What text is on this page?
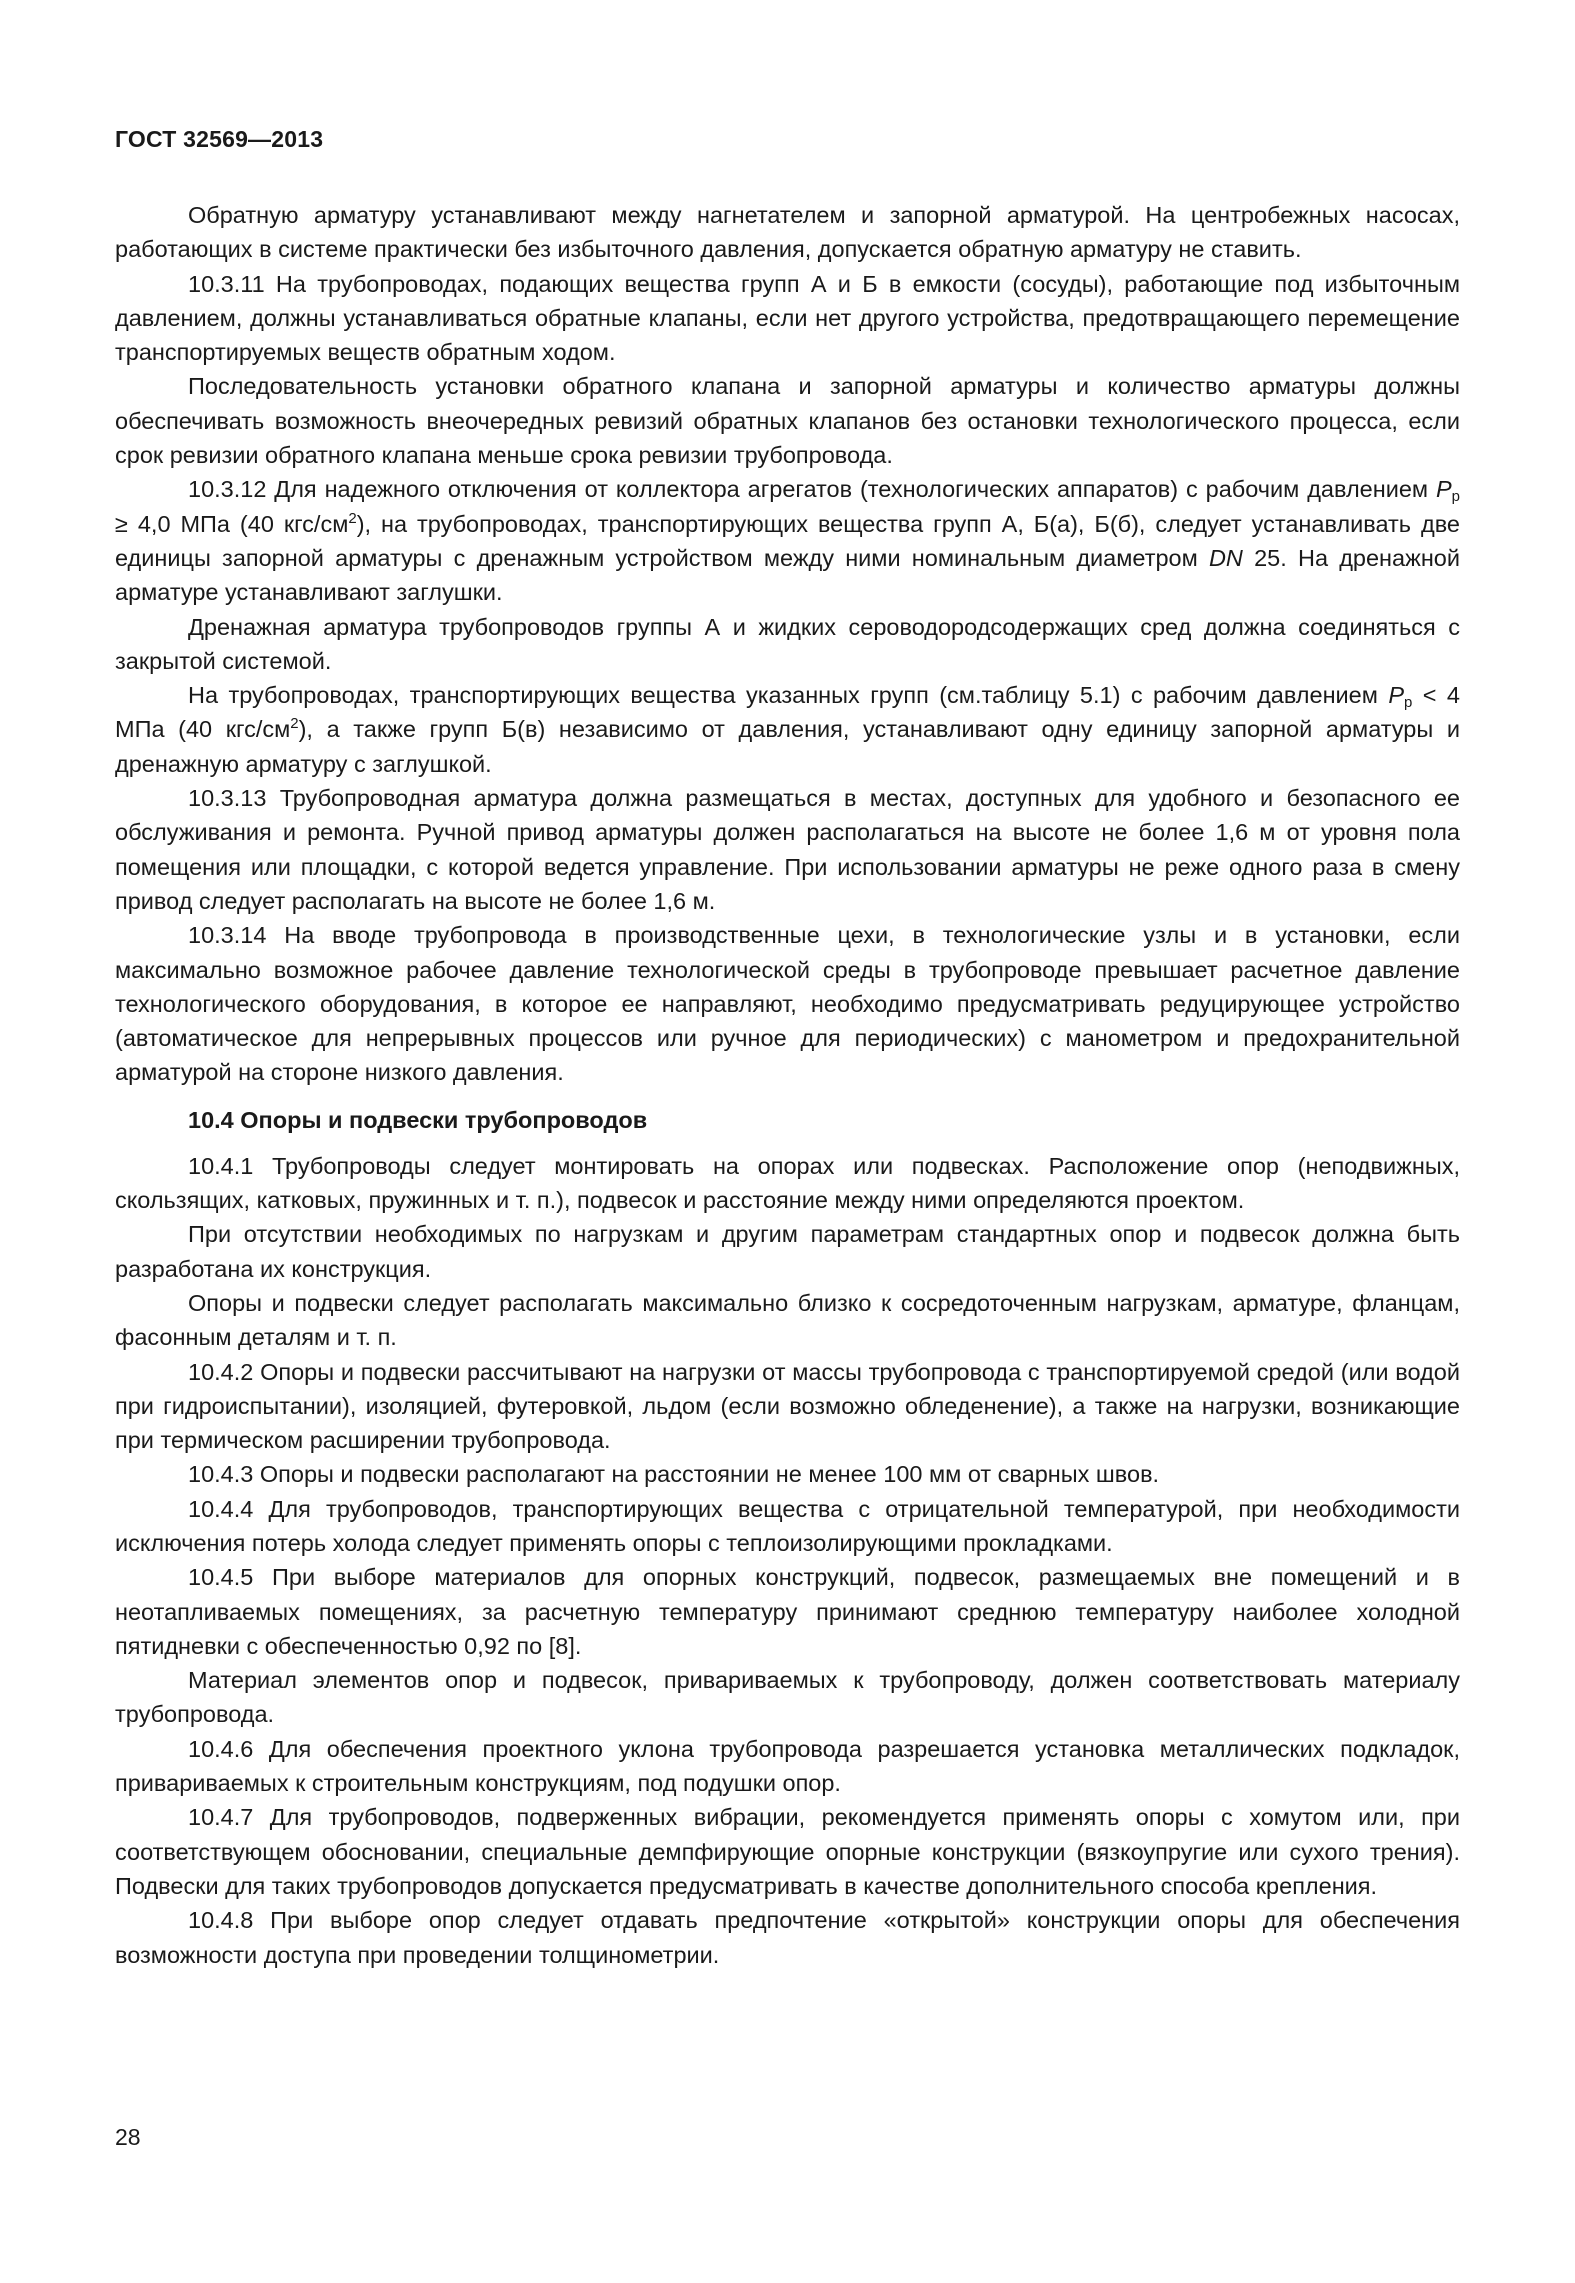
ГОСТ 32569—2013

Обратную арматуру устанавливают между нагнетателем и запорной арматурой. На центробежных насосах, работающих в системе практически без избыточного давления, допускается обратную арматуру не ставить.

10.3.11 На трубопроводах, подающих вещества групп А и Б в емкости (сосуды), работающие под избыточным давлением, должны устанавливаться обратные клапаны, если нет другого устройства, предотвращающего перемещение транспортируемых веществ обратным ходом.

Последовательность установки обратного клапана и запорной арматуры и количество арматуры должны обеспечивать возможность внеочередных ревизий обратных клапанов без остановки технологического процесса, если срок ревизии обратного клапана меньше срока ревизии трубопровода.

10.3.12 Для надежного отключения от коллектора агрегатов (технологических аппаратов) с рабочим давлением $P_р \ge 4,0$ МПа (40 кгс/$см^2$), на трубопроводах, транспортирующих вещества групп А, Б(а), Б(б), следует устанавливать две единицы запорной арматуры с дренажным устройством между ними номинальным диаметром DN 25. На дренажной арматуре устанавливают заглушки.

Дренажная арматура трубопроводов группы А и жидких сероводородсодержащих сред должна соединяться с закрытой системой.

На трубопроводах, транспортирующих вещества указанных групп (см.таблицу 5.1) с рабочим давлением $P_р < 4$ МПа (40 кгс/$см^2$), а также групп Б(в) независимо от давления, устанавливают одну единицу запорной арматуры и дренажную арматуру с заглушкой.

10.3.13 Трубопроводная арматура должна размещаться в местах, доступных для удобного и безопасного ее обслуживания и ремонта. Ручной привод арматуры должен располагаться на высоте не более 1,6 м от уровня пола помещения или площадки, с которой ведется управление. При использовании арматуры не реже одного раза в смену привод следует располагать на высоте не более 1,6 м.

10.3.14 На вводе трубопровода в производственные цехи, в технологические узлы и в установки, если максимально возможное рабочее давление технологической среды в трубопроводе превышает расчетное давление технологического оборудования, в которое ее направляют, необходимо предусматривать редуцирующее устройство (автоматическое для непрерывных процессов или ручное для периодических) с манометром и предохранительной арматурой на стороне низкого давления.

10.4 Опоры и подвески трубопроводов

10.4.1 Трубопроводы следует монтировать на опорах или подвесках. Расположение опор (неподвижных, скользящих, катковых, пружинных и т. п.), подвесок и расстояние между ними определяются проектом.

При отсутствии необходимых по нагрузкам и другим параметрам стандартных опор и подвесок должна быть разработана их конструкция.

Опоры и подвески следует располагать максимально близко к сосредоточенным нагрузкам, арматуре, фланцам, фасонным деталям и т. п.

10.4.2 Опоры и подвески рассчитывают на нагрузки от массы трубопровода с транспортируемой средой (или водой при гидроиспытании), изоляцией, футеровкой, льдом (если возможно обледенение), а также на нагрузки, возникающие при термическом расширении трубопровода.

10.4.3 Опоры и подвески располагают на расстоянии не менее 100 мм от сварных швов.

10.4.4 Для трубопроводов, транспортирующих вещества с отрицательной температурой, при необходимости исключения потерь холода следует применять опоры с теплоизолирующими прокладками.

10.4.5 При выборе материалов для опорных конструкций, подвесок, размещаемых вне помещений и в неотапливаемых помещениях, за расчетную температуру принимают среднюю температуру наиболее холодной пятидневки с обеспеченностью 0,92 по [8].

Материал элементов опор и подвесок, привариваемых к трубопроводу, должен соответствовать материалу трубопровода.

10.4.6 Для обеспечения проектного уклона трубопровода разрешается установка металлических подкладок, привариваемых к строительным конструкциям, под подушки опор.

10.4.7 Для трубопроводов, подверженных вибрации, рекомендуется применять опоры с хомутом или, при соответствующем обосновании, специальные демпфирующие опорные конструкции (вязкоупругие или сухого трения). Подвески для таких трубопроводов допускается предусматривать в качестве дополнительного способа крепления.

10.4.8 При выборе опор следует отдавать предпочтение «открытой» конструкции опоры для обеспечения возможности доступа при проведении толщинометрии.

28
